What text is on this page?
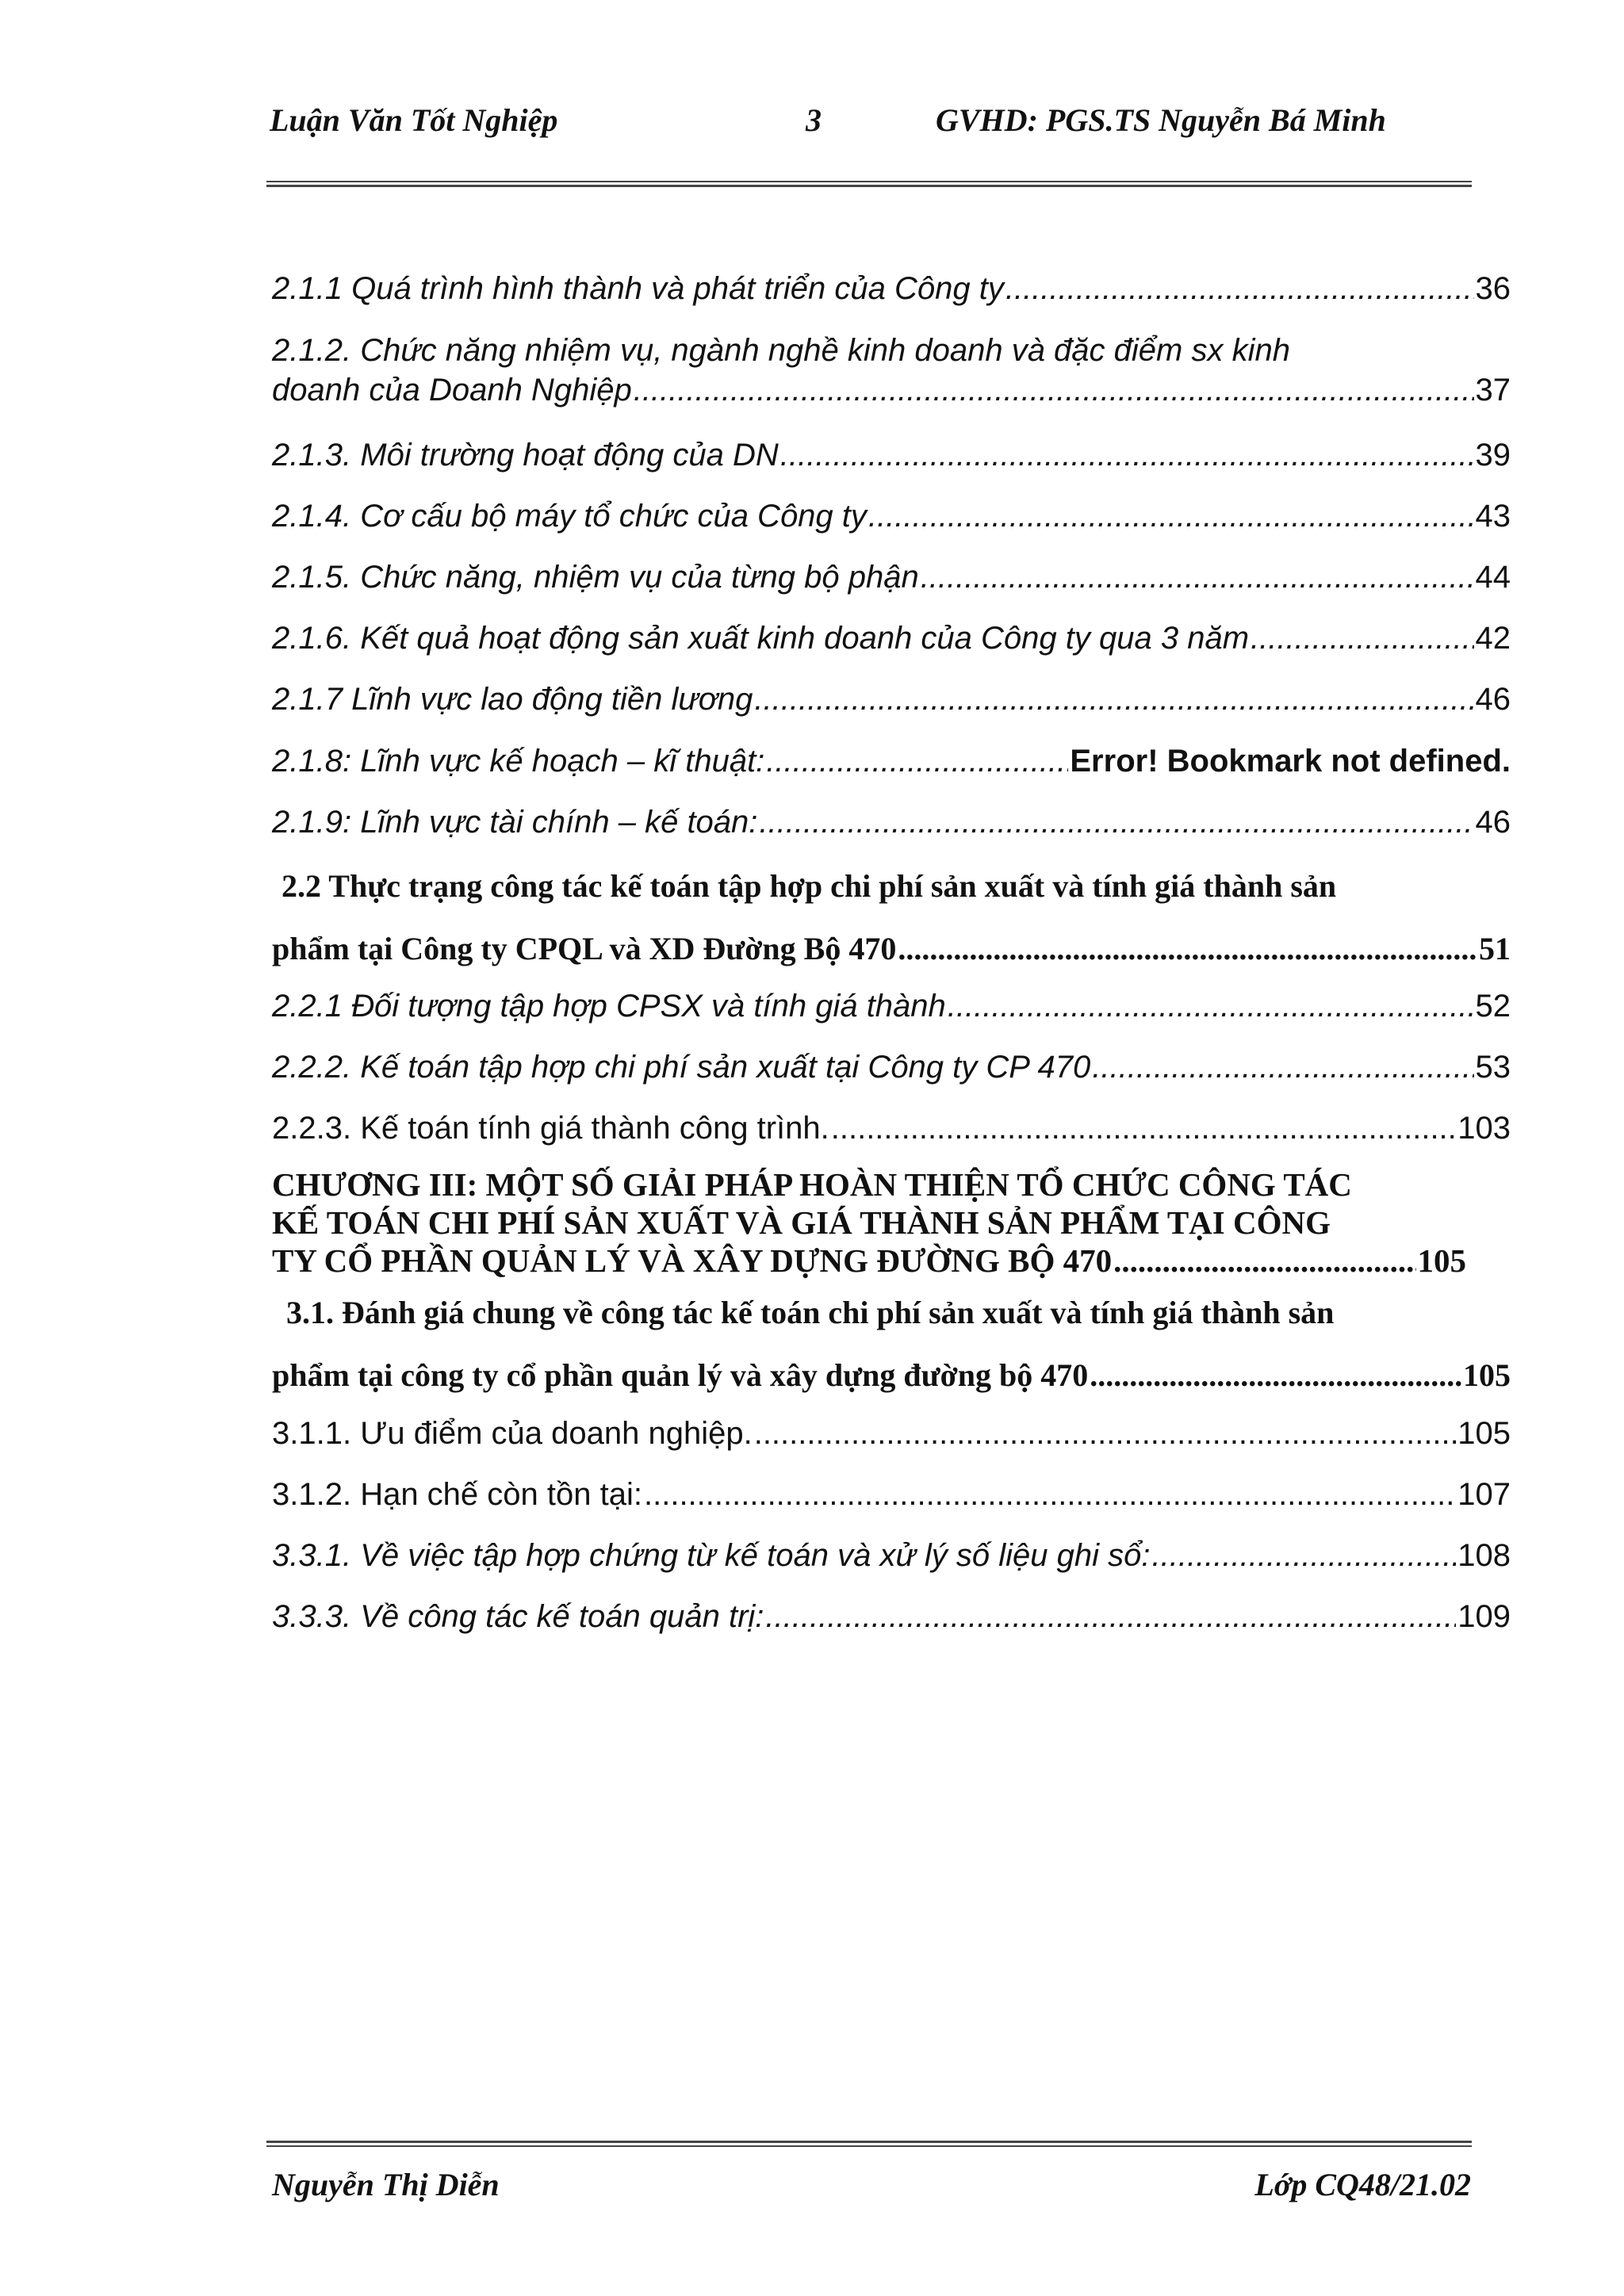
Luận Văn Tốt Nghiệp	3	GVHD: PGS.TS Nguyễn Bá Minh
2.1.1 Quá trình hình thành và phát triển của Công ty .....	36
2.1.2. Chức năng nhiệm vụ, ngành nghề kinh doanh và đặc điểm sx kinh
doanh của Doanh Nghiệp .....	37
2.1.3. Môi trường hoạt động của DN .....	39
2.1.4. Cơ cấu bộ máy tổ chức của Công ty .....	43
2.1.5. Chức năng, nhiệm vụ của từng bộ phận .....	44
2.1.6. Kết quả hoạt động sản xuất kinh doanh của Công ty qua 3 năm .....	42
2.1.7 Lĩnh vực lao động tiền lương .....	46
2.1.8: Lĩnh vực kế hoạch – kĩ thuật: .....	Error! Bookmark not defined.
2.1.9: Lĩnh vực tài chính – kế toán: .....	46
2.2 Thực trạng công tác kế toán tập hợp chi phí sản xuất và tính giá thành sản
phẩm tại Công ty CPQL và XD Đường Bộ 470 .....	51
2.2.1 Đối tượng tập hợp CPSX và tính giá thành .....	52
2.2.2. Kế toán tập hợp chi phí sản xuất tại Công ty CP 470 .....	53
2.2.3. Kế toán tính giá thành công trình. .....	103
CHƯƠNG III: MỘT SỐ GIẢI PHÁP HOÀN THIỆN TỔ CHỨC CÔNG TÁC
KẾ TOÁN CHI PHÍ SẢN XUẤT VÀ GIÁ THÀNH SẢN PHẨM TẠI CÔNG
TY CỔ PHẦN QUẢN LÝ VÀ XÂY DỰNG ĐƯỜNG BỘ 470 .....	105
3.1. Đánh giá chung về công tác kế toán chi phí sản xuất và tính giá thành sản
phẩm tại công ty cổ phần quản lý và xây dựng đường bộ 470 .....	105
3.1.1. Ưu điểm của doanh nghiệp. .....	105
3.1.2. Hạn chế còn tồn tại: .....	107
3.3.1. Về việc tập hợp chứng từ kế toán và xử lý số liệu ghi sổ: .....	108
3.3.3. Về công tác kế toán quản trị: .....	109
Nguyễn Thị Diễn	Lớp CQ48/21.02
